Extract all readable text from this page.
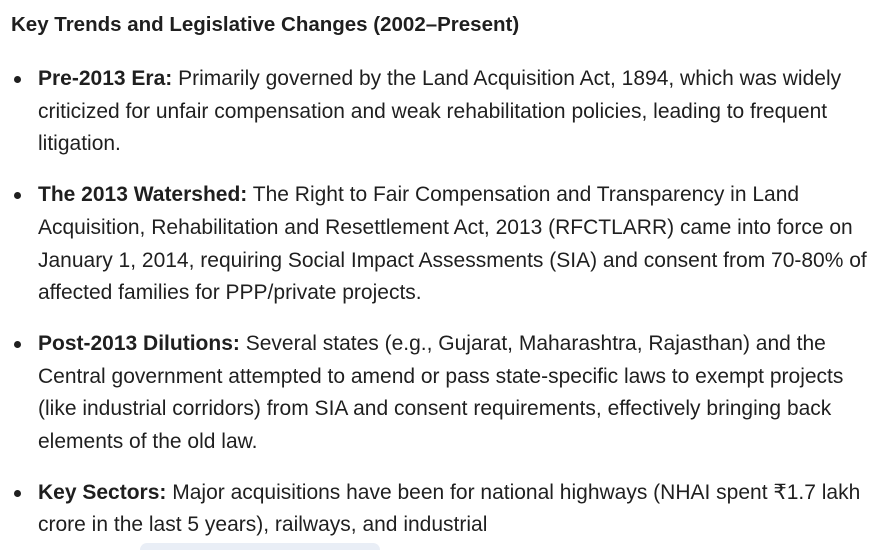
Key Trends and Legislative Changes (2002–Present)
Pre-2013 Era: Primarily governed by the Land Acquisition Act, 1894, which was widely criticized for unfair compensation and weak rehabilitation policies, leading to frequent litigation.
The 2013 Watershed: The Right to Fair Compensation and Transparency in Land Acquisition, Rehabilitation and Resettlement Act, 2013 (RFCTLARR) came into force on January 1, 2014, requiring Social Impact Assessments (SIA) and consent from 70-80% of affected families for PPP/private projects.
Post-2013 Dilutions: Several states (e.g., Gujarat, Maharashtra, Rajasthan) and the Central government attempted to amend or pass state-specific laws to exempt projects (like industrial corridors) from SIA and consent requirements, effectively bringing back elements of the old law.
Key Sectors: Major acquisitions have been for national highways (NHAI spent ₹1.7 lakh crore in the last 5 years), railways, and industrial
